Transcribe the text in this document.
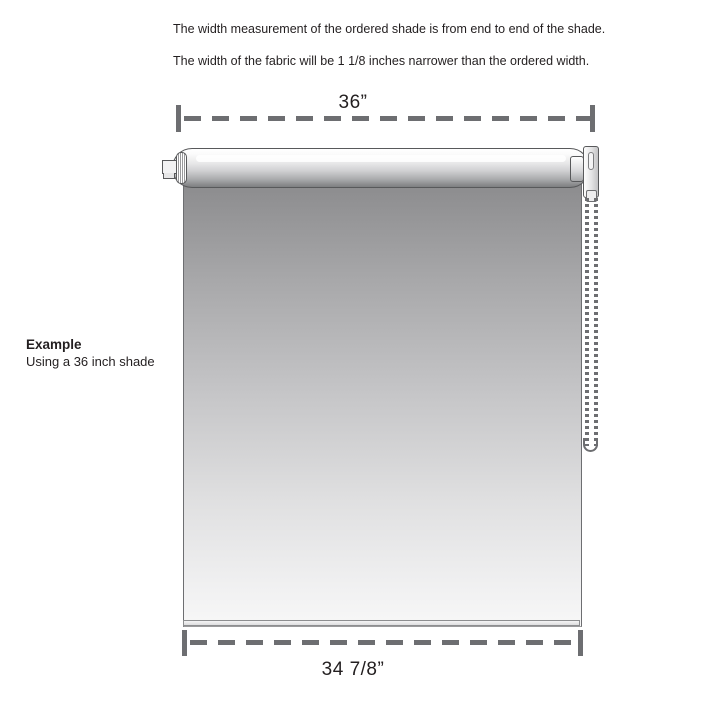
The width measurement of the ordered shade is from end to end of the shade.
The width of the fabric will be 1 1/8 inches narrower than the ordered width.
Example
Using a 36 inch shade
36”
34 7/8”
